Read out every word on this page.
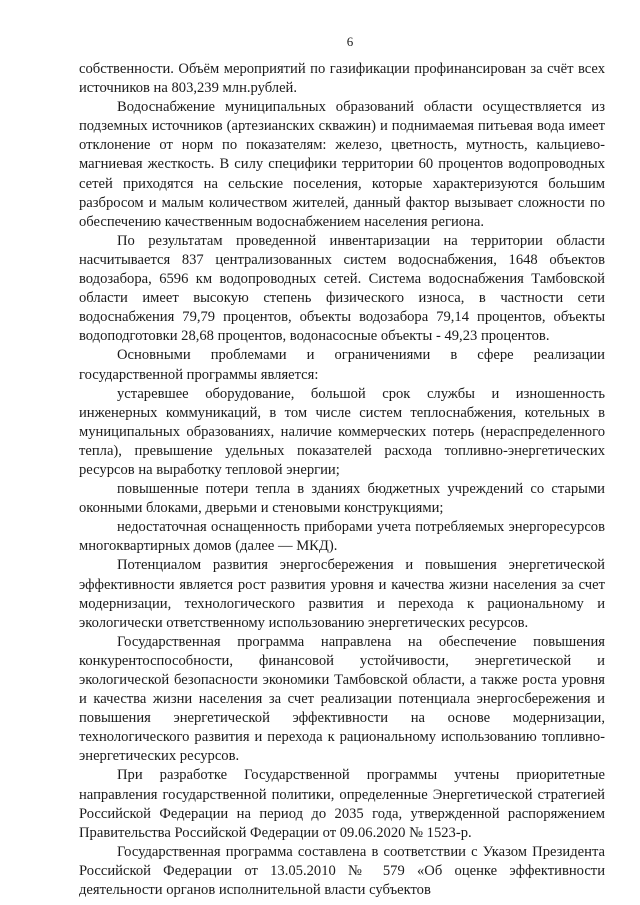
6

собственности. Объём мероприятий по газификации профинансирован за счёт всех источников на 803,239 млн.рублей.

Водоснабжение муниципальных образований области осуществляется из подземных источников (артезианских скважин) и поднимаемая питьевая вода имеет отклонение от норм по показателям: железо, цветность, мутность, кальциево-магниевая жесткость. В силу специфики территории 60 процентов водопроводных сетей приходятся на сельские поселения, которые характеризуются большим разбросом и малым количеством жителей, данный фактор вызывает сложности по обеспечению качественным водоснабжением населения региона.

По результатам проведенной инвентаризации на территории области насчитывается 837 централизованных систем водоснабжения, 1648 объектов водозабора, 6596 км водопроводных сетей. Система водоснабжения Тамбовской области имеет высокую степень физического износа, в частности сети водоснабжения 79,79 процентов, объекты водозабора 79,14 процентов, объекты водоподготовки 28,68 процентов, водонасосные объекты - 49,23 процентов.

Основными проблемами и ограничениями в сфере реализации государственной программы является:

устаревшее оборудование, большой срок службы и изношенность инженерных коммуникаций, в том числе систем теплоснабжения, котельных в муниципальных образованиях, наличие коммерческих потерь (нераспределенного тепла), превышение удельных показателей расхода топливно-энергетических ресурсов на выработку тепловой энергии;

повышенные потери тепла в зданиях бюджетных учреждений со старыми оконными блоками, дверьми и стеновыми конструкциями;

недостаточная оснащенность приборами учета потребляемых энергоресурсов многоквартирных домов (далее — МКД).

Потенциалом развития энергосбережения и повышения энергетической эффективности является рост развития уровня и качества жизни населения за счет модернизации, технологического развития и перехода к рациональному и экологически ответственному использованию энергетических ресурсов.

Государственная программа направлена на обеспечение повышения конкурентоспособности, финансовой устойчивости, энергетической и экологической безопасности экономики Тамбовской области, а также роста уровня и качества жизни населения за счет реализации потенциала энергосбережения и повышения энергетической эффективности на основе модернизации, технологического развития и перехода к рациональному использованию топливно-энергетических ресурсов.

При разработке Государственной программы учтены приоритетные направления государственной политики, определенные Энергетической стратегией Российской Федерации на период до 2035 года, утвержденной распоряжением Правительства Российской Федерации от 09.06.2020 № 1523-р.

Государственная программа составлена в соответствии с Указом Президента Российской Федерации от 13.05.2010 № 579 «Об оценке эффективности деятельности органов исполнительной власти субъектов
